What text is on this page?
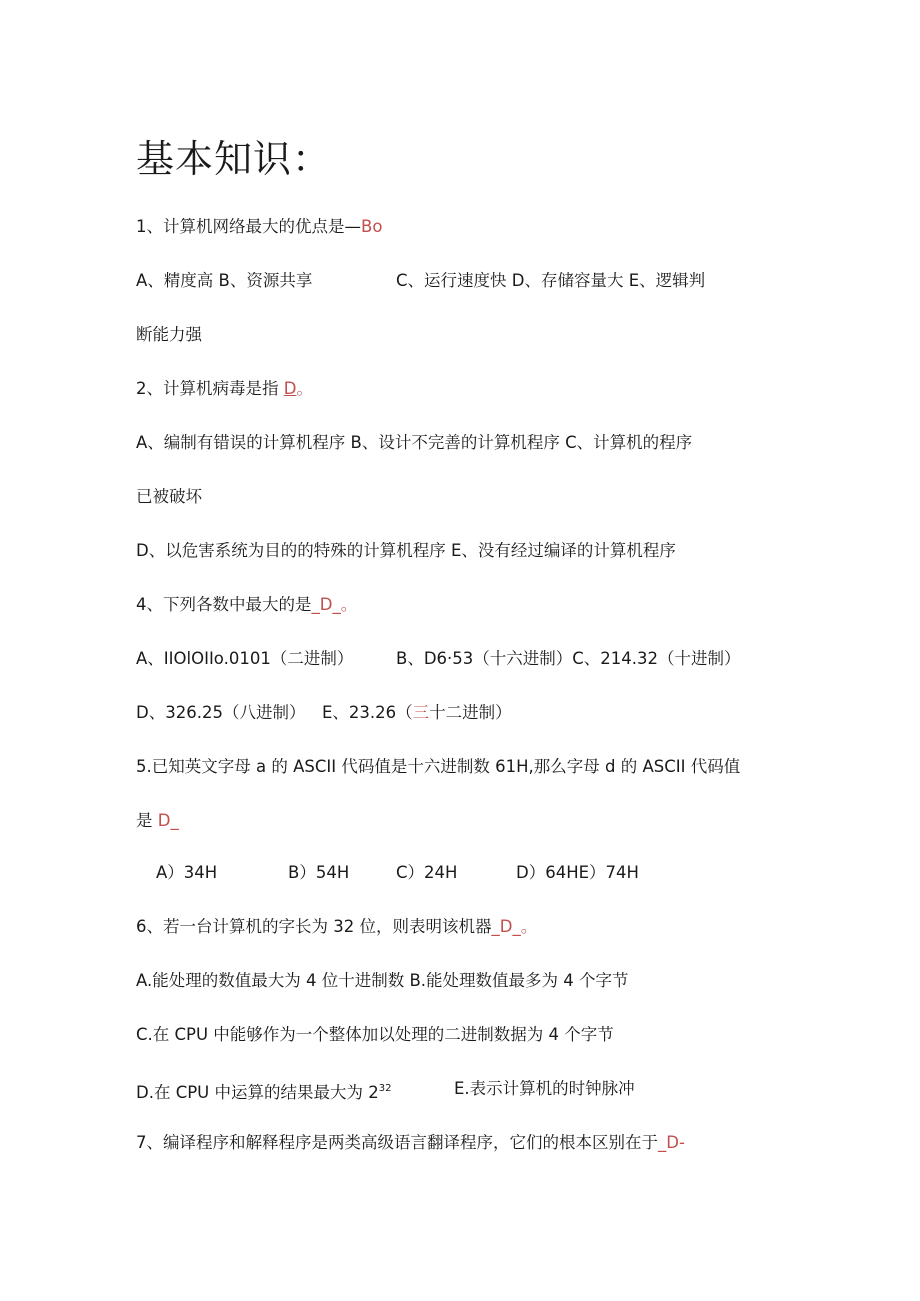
基本知识：
1、计算机网络最大的优点是—Bo
A、精度高 B、资源共享	C、运行速度快 D、存储容量大 E、逻辑判
断能力强
2、计算机病毒是指 D。
A、编制有错误的计算机程序 B、设计不完善的计算机程序 C、计算机的程序
已被破坏
D、以危害系统为目的的特殊的计算机程序 E、没有经过编译的计算机程序
4、下列各数中最大的是_D_。
A、IIOlOIIo.0101（二进制）	B、D6·53（十六进制）C、214.32（十进制）
D、326.25（八进制） E、23.26（三十二进制）
5.已知英文字母 a 的 ASCII 代码值是十六进制数 61H,那么字母 d 的 ASCII 代码值
是 D_
A）34H	B）54H	C）24H	D）64HE）74H
6、若一台计算机的字长为 32 位，则表明该机器_D_。
A.能处理的数值最大为 4 位十进制数 B.能处理数值最多为 4 个字节
C.在 CPU 中能够作为一个整体加以处理的二进制数据为 4 个字节
D.在 CPU 中运算的结果最大为 $2^{32}$	E.表示计算机的时钟脉冲
7、编译程序和解释程序是两类高级语言翻译程序，它们的根本区别在于_D-
